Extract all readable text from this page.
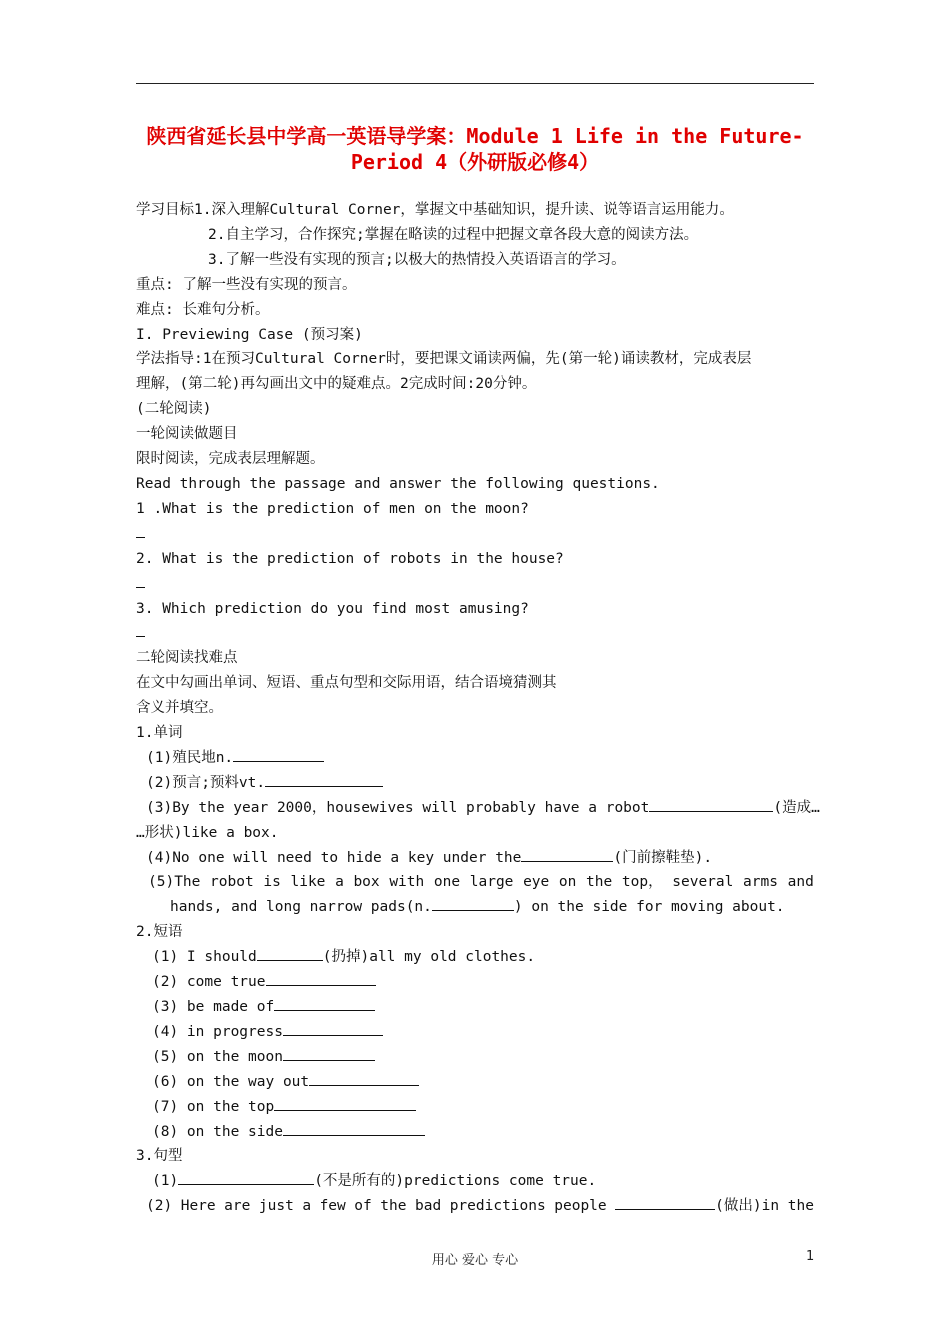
陕西省延长县中学高一英语导学案：Module 1 Life in the Future-
Period 4（外研版必修4）
学习目标1.深入理解Cultural Corner，掌握文中基础知识，提升读、说等语言运用能力。
2.自主学习，合作探究;掌握在略读的过程中把握文章各段大意的阅读方法。
3.了解一些没有实现的预言;以极大的热情投入英语语言的学习。
重点: 了解一些没有实现的预言。
难点: 长难句分析。
I. Previewing Case (预习案)
学法指导:1在预习Cultural Corner时，要把课文诵读两偏，先(第一轮)诵读教材，完成表层
理解，(第二轮)再勾画出文中的疑难点。2完成时间:20分钟。
(二轮阅读)
一轮阅读做题目
限时阅读，完成表层理解题。
Read through the passage and answer the following questions.
1 .What is the prediction of men on the moon?
2. What is the prediction of robots in the house?
3. Which prediction do you find most amusing?
二轮阅读找难点
在文中勾画出单词、短语、重点句型和交际用语，结合语境猜测其
含义并填空。
1.单词
(1)殖民地n.
(2)预言;预料vt.
(3)By the year 2000，housewives will probably have a robot	(造成…
…形状)like a box.
(4)No one will need to hide a key under the	(门前擦鞋垫).
(5)The robot is like a box with one large eye on the top， several arms and
hands, and long narrow pads(n.	) on the side for moving about.
2.短语
(1) I should	(扔掉)all my old clothes.
(2) come true
(3) be made of
(4) in progress
(5) on the moon
(6) on the way out
(7) on the top
(8) on the side
3.句型
(1)	(不是所有的)predictions come true.
(2) Here are just a few of the bad predictions people	(做出)in the
用心 爱心 专心	1
